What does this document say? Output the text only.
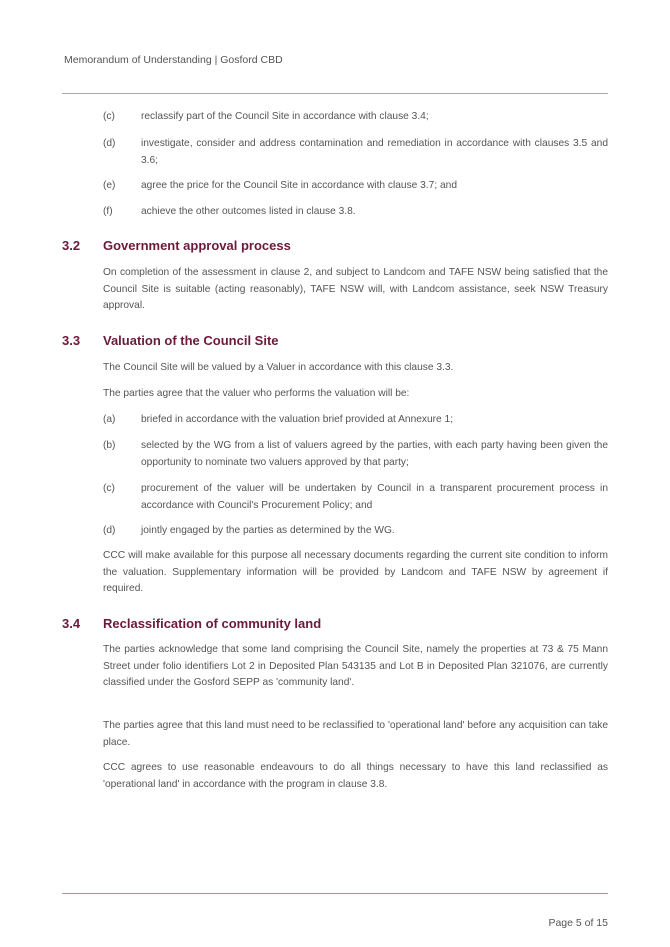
Memorandum of Understanding | Gosford CBD
(c)	reclassify part of the Council Site in accordance with clause 3.4;
(d)	investigate, consider and address contamination and remediation in accordance with clauses 3.5 and 3.6;
(e)	agree the price for the Council Site in accordance with clause 3.7; and
(f)	achieve the other outcomes listed in clause 3.8.
3.2 Government approval process
On completion of the assessment in clause 2, and subject to Landcom and TAFE NSW being satisfied that the Council Site is suitable (acting reasonably), TAFE NSW will, with Landcom assistance, seek NSW Treasury approval.
3.3 Valuation of the Council Site
The Council Site will be valued by a Valuer in accordance with this clause 3.3.
The parties agree that the valuer who performs the valuation will be:
(a)	briefed in accordance with the valuation brief provided at Annexure 1;
(b)	selected by the WG from a list of valuers agreed by the parties, with each party having been given the opportunity to nominate two valuers approved by that party;
(c)	procurement of the valuer will be undertaken by Council in a transparent procurement process in accordance with Council's Procurement Policy; and
(d)	jointly engaged by the parties as determined by the WG.
CCC will make available for this purpose all necessary documents regarding the current site condition to inform the valuation. Supplementary information will be provided by Landcom and TAFE NSW by agreement if required.
3.4 Reclassification of community land
The parties acknowledge that some land comprising the Council Site, namely the properties at 73 & 75 Mann Street under folio identifiers Lot 2 in Deposited Plan 543135 and Lot B in Deposited Plan 321076, are currently classified under the Gosford SEPP as 'community land'.
The parties agree that this land must need to be reclassified to 'operational land' before any acquisition can take place.
CCC agrees to use reasonable endeavours to do all things necessary to have this land reclassified as 'operational land' in accordance with the program in clause 3.8.
Page 5 of 15
